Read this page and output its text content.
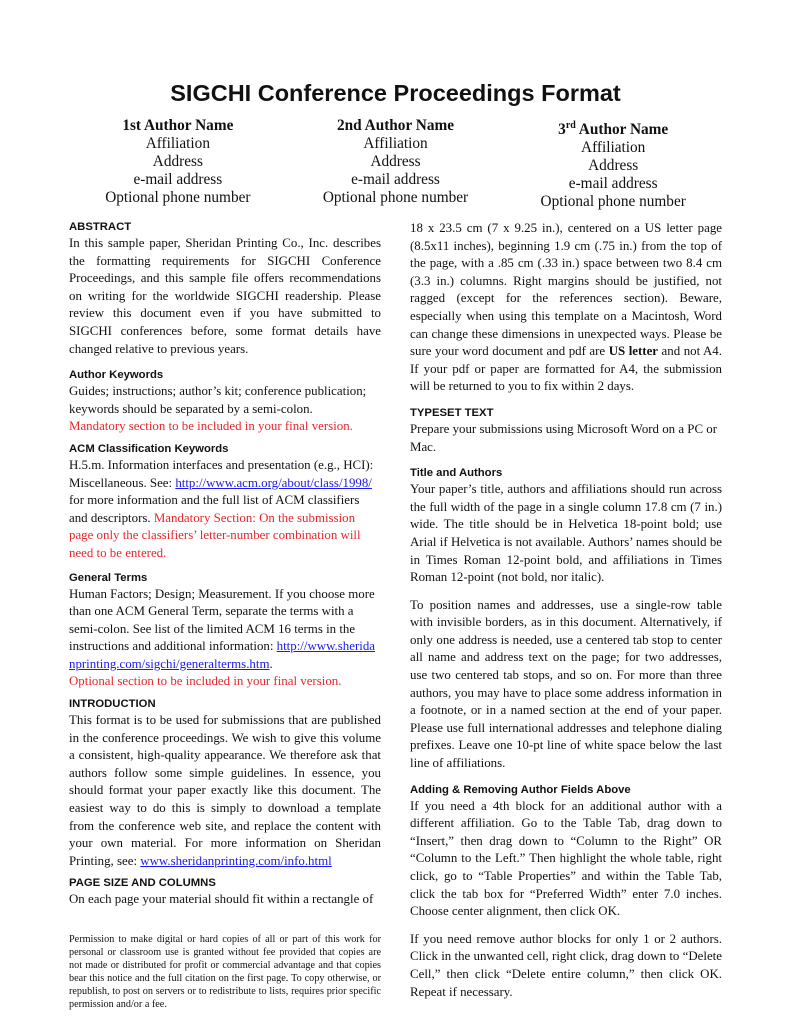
SIGCHI Conference Proceedings Format
1st Author Name
Affiliation
Address
e-mail address
Optional phone number
2nd Author Name
Affiliation
Address
e-mail address
Optional phone number
3rd Author Name
Affiliation
Address
e-mail address
Optional phone number
ABSTRACT

In this sample paper, Sheridan Printing Co., Inc. describes the formatting requirements for SIGCHI Conference Proceedings, and this sample file offers recommendations on writing for the worldwide SIGCHI readership. Please review this document even if you have submitted to SIGCHI conferences before, some format details have changed relative to previous years.

Author Keywords

Guides; instructions; author’s kit; conference publication; keywords should be separated by a semi-colon.
Mandatory section to be included in your final version.

ACM Classification Keywords

H.5.m. Information interfaces and presentation (e.g., HCI): Miscellaneous. See: http://www.acm.org/about/class/1998/ for more information and the full list of ACM classifiers and descriptors. Mandatory Section: On the submission page only the classifiers’ letter-number combination will need to be entered.

General Terms

Human Factors; Design; Measurement. If you choose more than one ACM General Term, separate the terms with a semi-colon. See list of the limited ACM 16 terms in the instructions and additional information: http://www.sheridanprinting.com/sigchi/generalterms.htm.
Optional section to be included in your final version.

INTRODUCTION

This format is to be used for submissions that are published in the conference proceedings. We wish to give this volume a consistent, high-quality appearance. We therefore ask that authors follow some simple guidelines. In essence, you should format your paper exactly like this document. The easiest way to do this is simply to download a template from the conference web site, and replace the content with your own material. For more information on Sheridan Printing, see: www.sheridanprinting.com/info.html

PAGE SIZE AND COLUMNS

On each page your material should fit within a rectangle of

Permission to make digital or hard copies of all or part of this work for personal or classroom use is granted without fee provided that copies are not made or distributed for profit or commercial advantage and that copies bear this notice and the full citation on the first page. To copy otherwise, or republish, to post on servers or to redistribute to lists, requires prior specific permission and/or a fee.

18 x 23.5 cm (7 x 9.25 in.), centered on a US letter page (8.5x11 inches), beginning 1.9 cm (.75 in.) from the top of the page, with a .85 cm (.33 in.) space between two 8.4 cm (3.3 in.) columns. Right margins should be justified, not ragged (except for the references section). Beware, especially when using this template on a Macintosh, Word can change these dimensions in unexpected ways. Please be sure your word document and pdf are US letter and not A4. If your pdf or paper are formatted for A4, the submission will be returned to you to fix within 2 days.

TYPESET TEXT

Prepare your submissions using Microsoft Word on a PC or Mac.

Title and Authors

Your paper’s title, authors and affiliations should run across the full width of the page in a single column 17.8 cm (7 in.) wide. The title should be in Helvetica 18-point bold; use Arial if Helvetica is not available. Authors’ names should be in Times Roman 12-point bold, and affiliations in Times Roman 12-point (not bold, nor italic).

To position names and addresses, use a single-row table with invisible borders, as in this document. Alternatively, if only one address is needed, use a centered tab stop to center all name and address text on the page; for two addresses, use two centered tab stops, and so on. For more than three authors, you may have to place some address information in a footnote, or in a named section at the end of your paper. Please use full international addresses and telephone dialing prefixes. Leave one 10-pt line of white space below the last line of affiliations.

Adding & Removing Author Fields Above

If you need a 4th block for an additional author with a different affiliation. Go to the Table Tab, drag down to “Insert,” then drag down to “Column to the Right” OR “Column to the Left.” Then highlight the whole table, right click, go to “Table Properties” and within the Table Tab, click the tab box for “Preferred Width” enter 7.0 inches. Choose center alignment, then click OK.

If you need remove author blocks for only 1 or 2 authors. Click in the unwanted cell, right click, drag down to “Delete Cell,” then click “Delete entire column,” then click OK. Repeat if necessary.
